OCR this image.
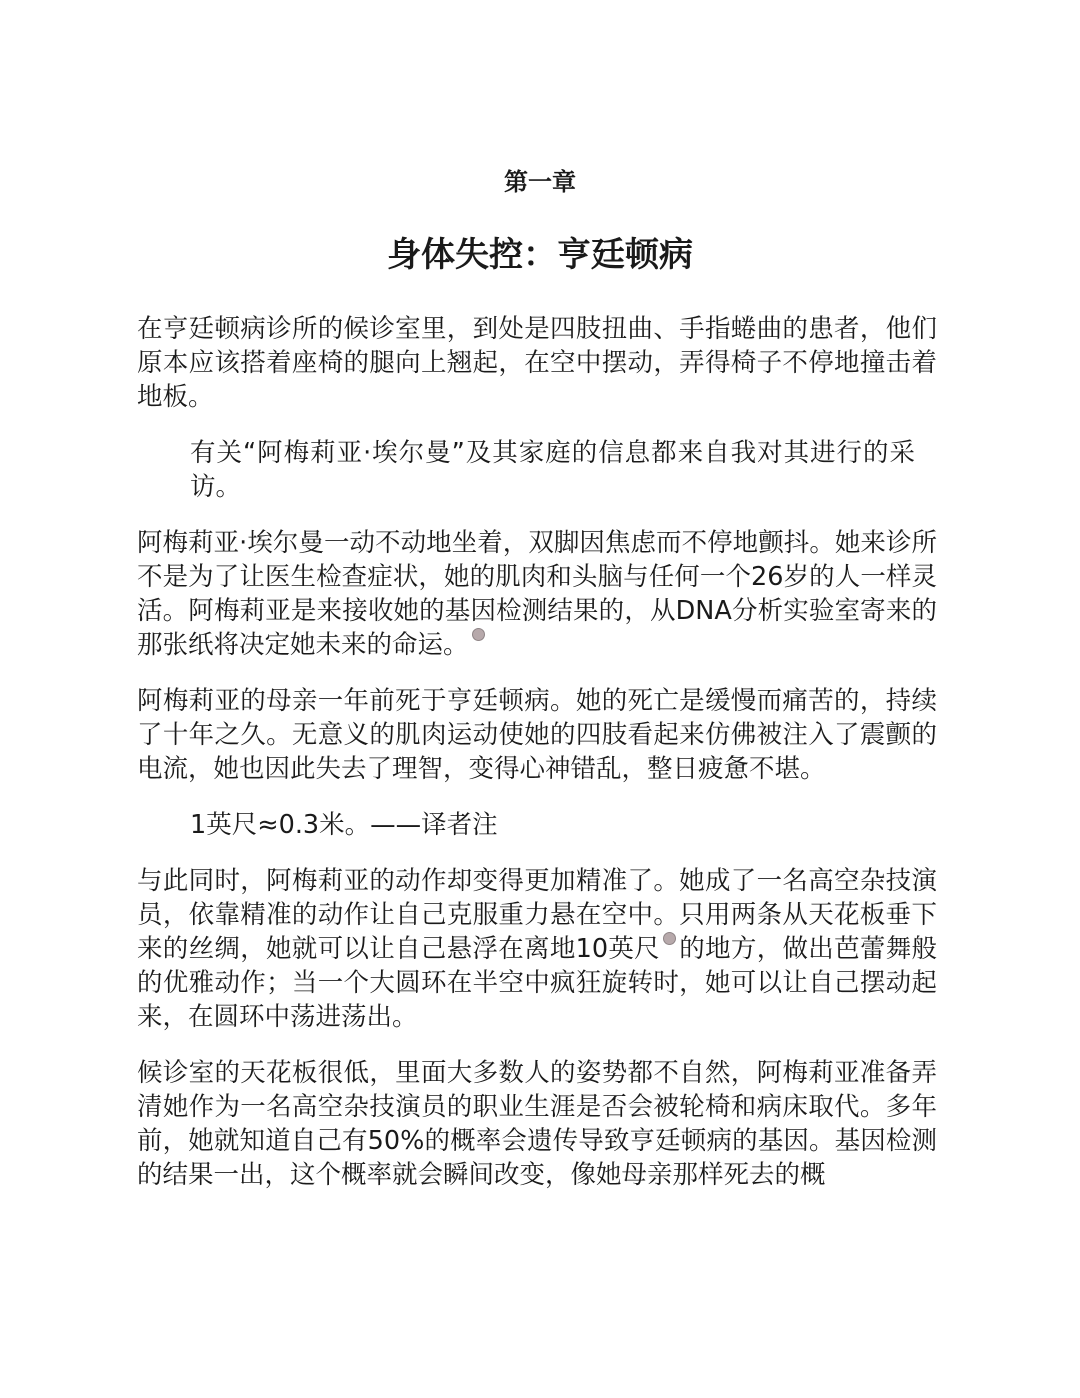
第一章
身体失控：亨廷顿病

在亨廷顿病诊所的候诊室里，到处是四肢扭曲、手指蜷曲的患者，他们原本应该搭着座椅的腿向上翘起，在空中摆动，弄得椅子不停地撞击着地板。

有关“阿梅莉亚·埃尔曼”及其家庭的信息都来自我对其进行的采访。

阿梅莉亚·埃尔曼一动不动地坐着，双脚因焦虑而不停地颤抖。她来诊所不是为了让医生检查症状，她的肌肉和头脑与任何一个26岁的人一样灵活。阿梅莉亚是来接收她的基因检测结果的，从DNA分析实验室寄来的那张纸将决定她未来的命运。

阿梅莉亚的母亲一年前死于亨廷顿病。她的死亡是缓慢而痛苦的，持续了十年之久。无意义的肌肉运动使她的四肢看起来仿佛被注入了震颤的电流，她也因此失去了理智，变得心神错乱，整日疲惫不堪。

1英尺≈0.3米。——译者注

与此同时，阿梅莉亚的动作却变得更加精准了。她成了一名高空杂技演员，依靠精准的动作让自己克服重力悬在空中。只用两条从天花板垂下来的丝绸，她就可以让自己悬浮在离地10英尺 的地方，做出芭蕾舞般的优雅动作；当一个大圆环在半空中疯狂旋转时，她可以让自己摆动起来，在圆环中荡进荡出。

候诊室的天花板很低，里面大多数人的姿势都不自然，阿梅莉亚准备弄清她作为一名高空杂技演员的职业生涯是否会被轮椅和病床取代。多年前，她就知道自己有50%的概率会遗传导致亨廷顿病的基因。基因检测的结果一出，这个概率就会瞬间改变，像她母亲那样死去的概
